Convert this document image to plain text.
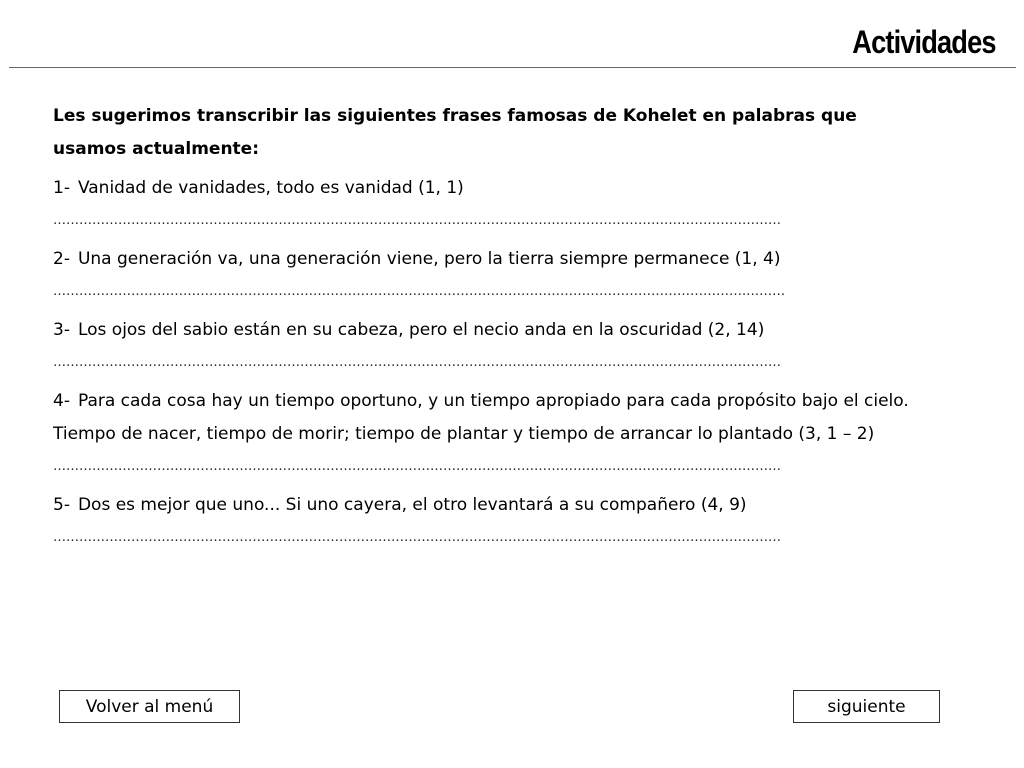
Actividades

Les sugerimos transcribir las siguientes frases famosas de Kohelet en palabras que usamos actualmente:

1- Vanidad de vanidades, todo es vanidad (1, 1)

……………………………………………………………………………………………………………………………………………………

2- Una generación va, una generación viene, pero la tierra siempre permanece (1, 4)

…………………………………………………………………………………………………………………………………………….………

3- Los ojos del sabio están en su cabeza, pero el necio anda en la oscuridad (2, 14)

……………………………………………………………………………………………………………………………………………………

4- Para cada cosa hay un tiempo oportuno, y un tiempo apropiado para cada propósito bajo el cielo. Tiempo de nacer, tiempo de morir; tiempo de plantar y tiempo de arrancar lo plantado (3, 1 – 2)

……………………………………………………………………………………………………………………………………………………

5- Dos es mejor que uno... Si uno cayera, el otro levantará a su compañero (4, 9)

……………………………………………………………………………………………………………………………………………………
Volver al menú	siguiente
